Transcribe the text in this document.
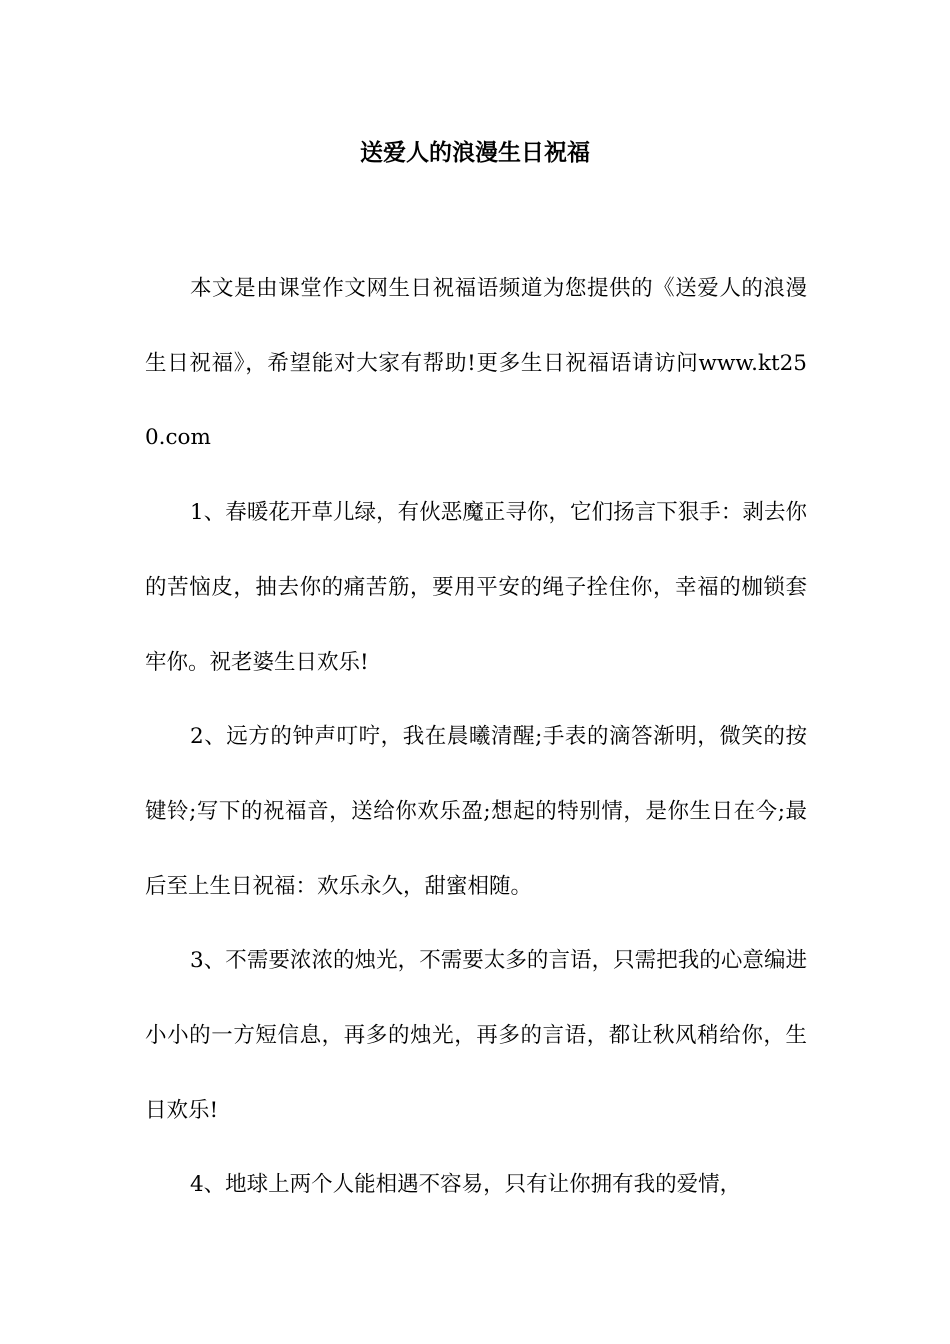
送爱人的浪漫生日祝福

本文是由课堂作文网生日祝福语频道为您提供的《送爱人的浪漫生日祝福》，希望能对大家有帮助!更多生日祝福语请访问www.kt250.com

1、春暖花开草儿绿，有伙恶魔正寻你，它们扬言下狠手：剥去你的苦恼皮，抽去你的痛苦筋，要用平安的绳子拴住你，幸福的枷锁套牢你。祝老婆生日欢乐!

2、远方的钟声叮咛，我在晨曦清醒;手表的滴答渐明，微笑的按键铃;写下的祝福音，送给你欢乐盈;想起的特别情，是你生日在今;最后至上生日祝福：欢乐永久，甜蜜相随。

3、不需要浓浓的烛光，不需要太多的言语，只需把我的心意编进小小的一方短信息，再多的烛光，再多的言语，都让秋风稍给你，生日欢乐!

4、地球上两个人能相遇不容易，只有让你拥有我的爱情，
